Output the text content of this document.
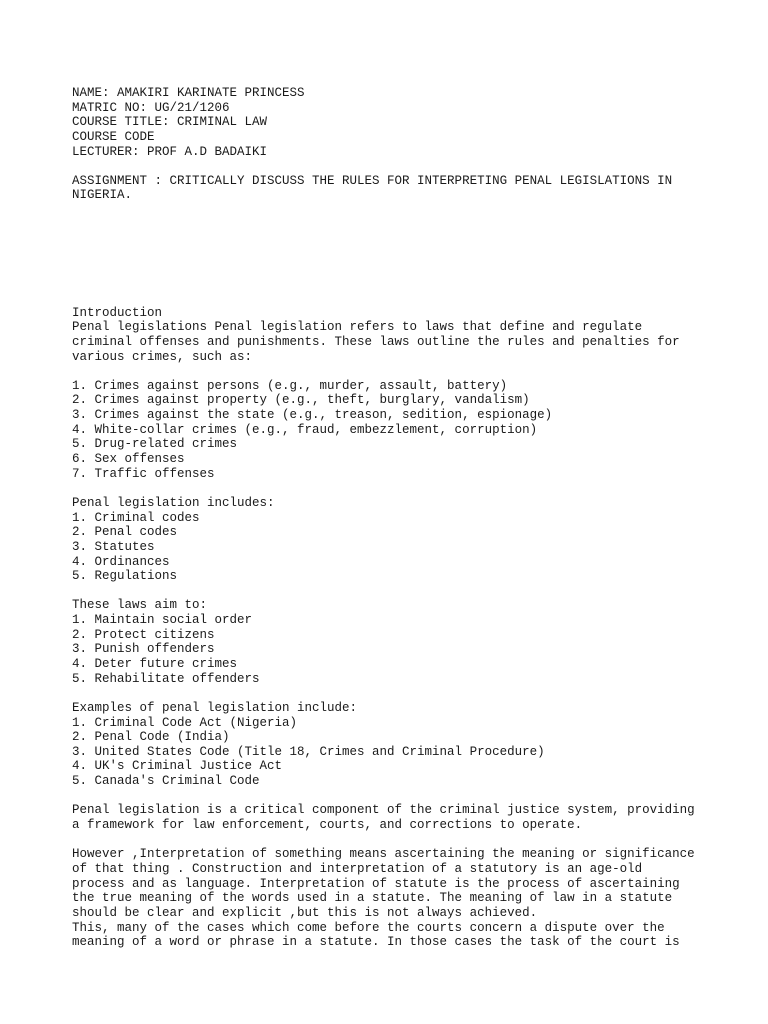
NAME: AMAKIRI KARINATE PRINCESS
MATRIC NO: UG/21/1206
COURSE TITLE: CRIMINAL LAW
COURSE CODE
LECTURER: PROF A.D BADAIKI
ASSIGNMENT : CRITICALLY DISCUSS THE RULES FOR INTERPRETING PENAL LEGISLATIONS IN
NIGERIA.
Introduction
Penal legislations Penal legislation refers to laws that define and regulate
criminal offenses and punishments. These laws outline the rules and penalties for
various crimes, such as:
1. Crimes against persons (e.g., murder, assault, battery)
2. Crimes against property (e.g., theft, burglary, vandalism)
3. Crimes against the state (e.g., treason, sedition, espionage)
4. White-collar crimes (e.g., fraud, embezzlement, corruption)
5. Drug-related crimes
6. Sex offenses
7. Traffic offenses
Penal legislation includes:
1. Criminal codes
2. Penal codes
3. Statutes
4. Ordinances
5. Regulations
These laws aim to:
1. Maintain social order
2. Protect citizens
3. Punish offenders
4. Deter future crimes
5. Rehabilitate offenders
Examples of penal legislation include:
1. Criminal Code Act (Nigeria)
2. Penal Code (India)
3. United States Code (Title 18, Crimes and Criminal Procedure)
4. UK's Criminal Justice Act
5. Canada's Criminal Code
Penal legislation is a critical component of the criminal justice system, providing
a framework for law enforcement, courts, and corrections to operate.
However ,Interpretation of something means ascertaining the meaning or significance
of that thing . Construction and interpretation of a statutory is an age-old
process and as language. Interpretation of statute is the process of ascertaining
the true meaning of the words used in a statute. The meaning of law in a statute
should be clear and explicit ,but this is not always achieved.
This, many of the cases which come before the courts concern a dispute over the
meaning of a word or phrase in a statute. In those cases the task of the court is
